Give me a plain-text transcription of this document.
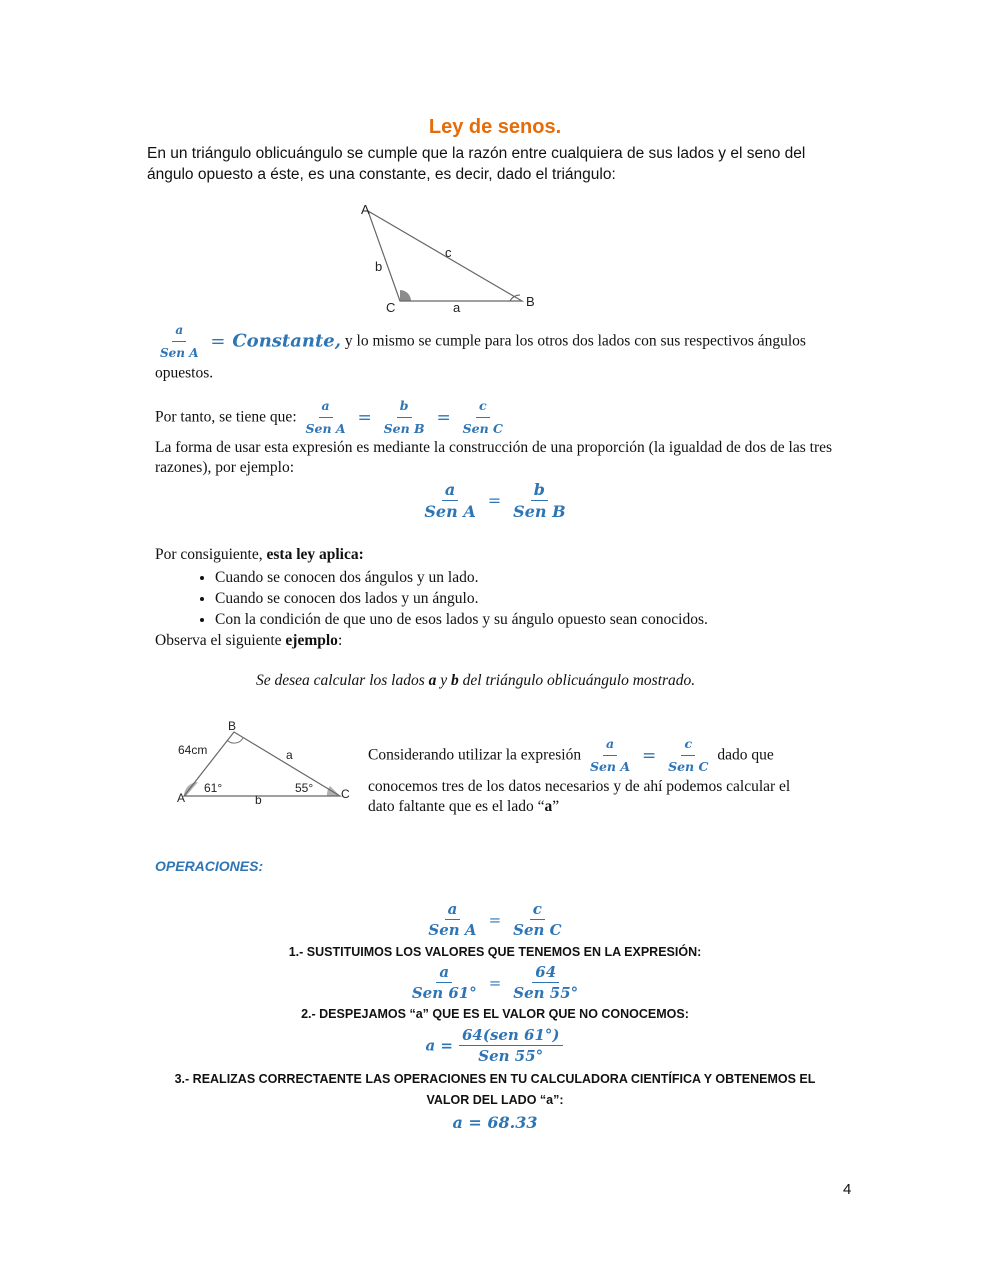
Ley de senos.
En un triángulo oblicuángulo se cumple que la razón entre cualquiera de sus lados y el seno del ángulo opuesto a éste, es una constante, es decir, dado el triángulo:
A
B
C	a
b
c
$\frac{a}{\text{Sen A}}$ = Constante, y lo mismo se cumple para los otros dos lados con sus respectivos ángulos opuestos.
Por tanto, se tiene que: $\frac{a}{\text{Sen A}} = \frac{b}{\text{Sen B}} = \frac{c}{\text{Sen C}}$
La forma de usar esta expresión es mediante la construcción de una proporción (la igualdad de dos de las tres razones), por ejemplo:
$\frac{a}{\text{Sen A}} = \frac{b}{\text{Sen B}}$
Por consiguiente, esta ley aplica:
• Cuando se conocen dos ángulos y un lado.
• Cuando se conocen dos lados y un ángulo.
• Con la condición de que uno de esos lados y su ángulo opuesto sean conocidos.
Observa el siguiente ejemplo:
Se desea calcular los lados a y b del triángulo oblicuángulo mostrado.
B
A	C
64cm	a
b
61°	55°
Considerando utilizar la expresión $\frac{a}{\text{Sen A}} = \frac{c}{\text{Sen C}}$ dado que
conocemos tres de los datos necesarios y de ahí podemos calcular el
dato faltante que es el lado “a”
OPERACIONES:
$\frac{a}{\text{Sen A}} = \frac{c}{\text{Sen C}}$
1.- SUSTITUIMOS LOS VALORES QUE TENEMOS EN LA EXPRESIÓN:
$\frac{a}{\text{Sen 61°}} = \frac{64}{\text{Sen 55°}}$
2.- DESPEJAMOS “a” QUE ES EL VALOR QUE NO CONOCEMOS:
$a = \frac{\text{64(sen 61°)}}{\text{Sen 55°}}$
3.- REALIZAS CORRECTAENTE LAS OPERACIONES EN TU CALCULADORA CIENTÍFICA Y OBTENEMOS EL
VALOR DEL LADO “a”:
a = 68.33
4
